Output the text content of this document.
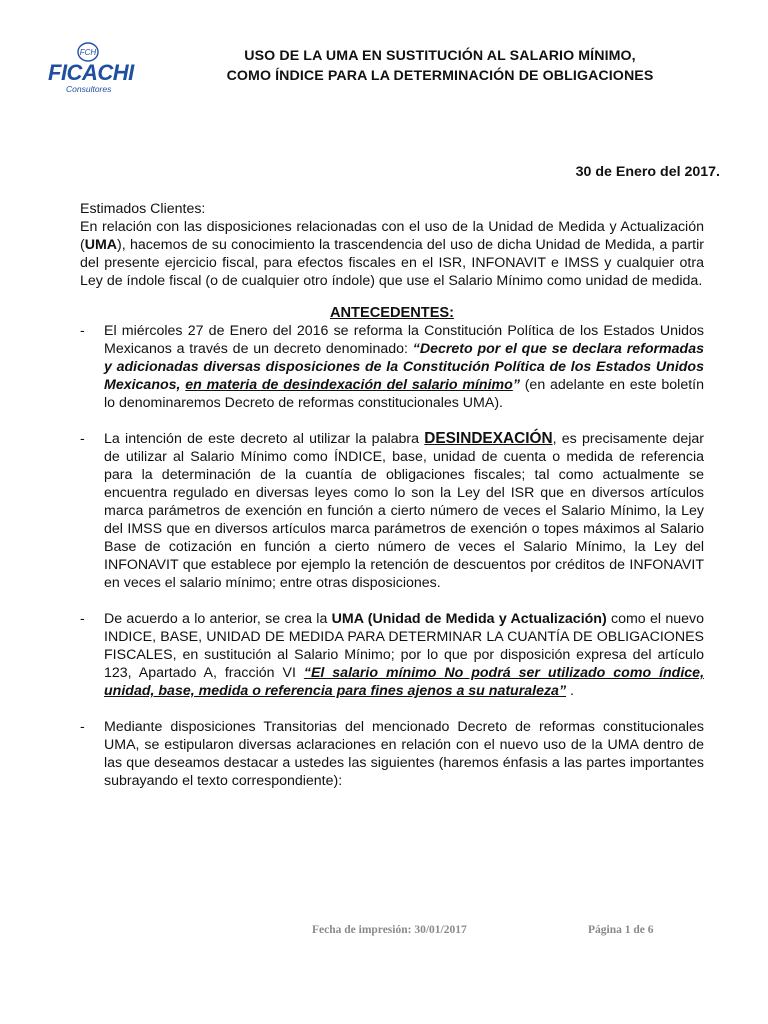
FCH
FICACHI
Consultores
USO DE LA UMA EN SUSTITUCIÓN AL SALARIO MÍNIMO,
COMO ÍNDICE PARA LA DETERMINACIÓN DE OBLIGACIONES
30 de Enero del 2017.
Estimados Clientes:
En relación con las disposiciones relacionadas con el uso de la Unidad de Medida y Actualización (UMA), hacemos de su conocimiento la trascendencia del uso de dicha Unidad de Medida, a partir del presente ejercicio fiscal, para efectos fiscales en el ISR, INFONAVIT e IMSS y cualquier otra Ley de índole fiscal (o de cualquier otro índole) que use el Salario Mínimo como unidad de medida.
ANTECEDENTES:
- El miércoles 27 de Enero del 2016 se reforma la Constitución Política de los Estados Unidos Mexicanos a través de un decreto denominado: “Decreto por el que se declara reformadas y adicionadas diversas disposiciones de la Constitución Política de los Estados Unidos Mexicanos, en materia de desindexación del salario mínimo” (en adelante en este boletín lo denominaremos Decreto de reformas constitucionales UMA).
- La intención de este decreto al utilizar la palabra DESINDEXACIÓN, es precisamente dejar de utilizar al Salario Mínimo como ÍNDICE, base, unidad de cuenta o medida de referencia para la determinación de la cuantía de obligaciones fiscales; tal como actualmente se encuentra regulado en diversas leyes como lo son la Ley del ISR que en diversos artículos marca parámetros de exención en función a cierto número de veces el Salario Mínimo, la Ley del IMSS que en diversos artículos marca parámetros de exención o topes máximos al Salario Base de cotización en función a cierto número de veces el Salario Mínimo, la Ley del INFONAVIT que establece por ejemplo la retención de descuentos por créditos de INFONAVIT en veces el salario mínimo; entre otras disposiciones.
- De acuerdo a lo anterior, se crea la UMA (Unidad de Medida y Actualización) como el nuevo INDICE, BASE, UNIDAD DE MEDIDA PARA DETERMINAR LA CUANTÍA DE OBLIGACIONES FISCALES, en sustitución al Salario Mínimo; por lo que por disposición expresa del artículo 123, Apartado A, fracción VI “El salario mínimo No podrá ser utilizado como índice, unidad, base, medida o referencia para fines ajenos a su naturaleza” .
- Mediante disposiciones Transitorias del mencionado Decreto de reformas constitucionales UMA, se estipularon diversas aclaraciones en relación con el nuevo uso de la UMA dentro de las que deseamos destacar a ustedes las siguientes (haremos énfasis a las partes importantes subrayando el texto correspondiente):
Fecha de impresión: 30/01/2017	Página 1 de 6
